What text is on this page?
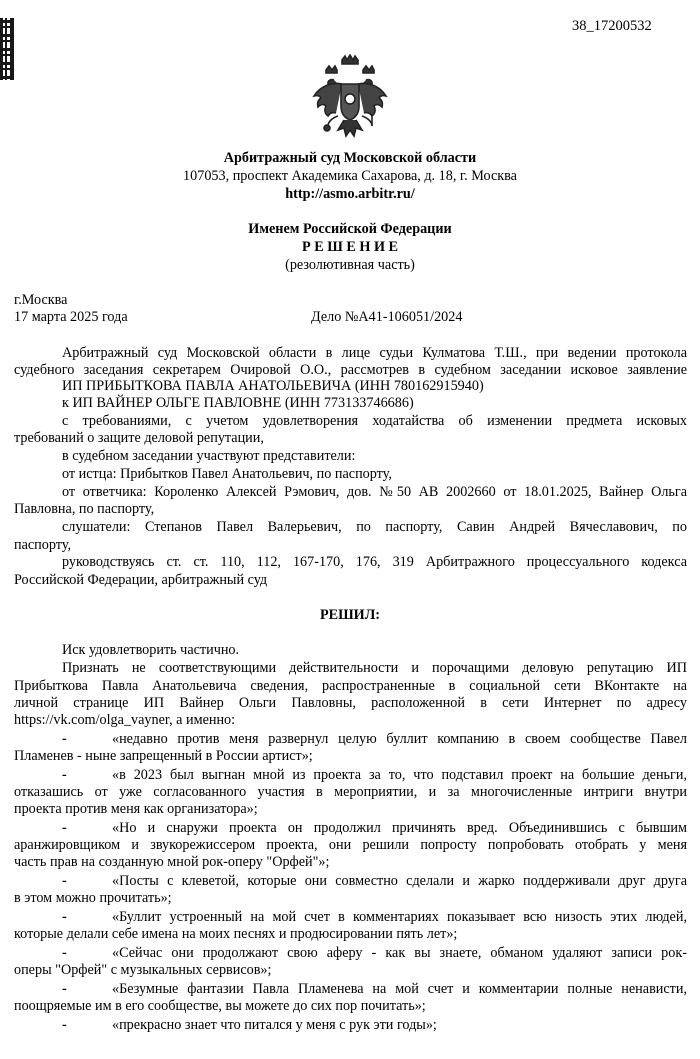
38_17200532
Арбитражный суд Московской области
107053, проспект Академика Сахарова, д. 18, г. Москва
http://asmo.arbitr.ru/
Именем Российской Федерации
Р Е Ш Е Н И Е
(резолютивная часть)
г.Москва
17 марта 2025 года	Дело №А41-106051/2024
Арбитражный суд Московской области в лице судьи Кулматова Т.Ш., при ведении протокола
судебного заседания секретарем Очировой О.О., рассмотрев в судебном заседании исковое заявление
ИП ПРИБЫТКОВА ПАВЛА АНАТОЛЬЕВИЧА (ИНН 780162915940)
к ИП ВАЙНЕР ОЛЬГЕ ПАВЛОВНЕ (ИНН 773133746686)
с требованиями, с учетом удовлетворения ходатайства об изменении предмета исковых
требований о защите деловой репутации,
в судебном заседании участвуют представители:
от истца: Прибытков Павел Анатольевич, по паспорту,
от ответчика: Короленко Алексей Рэмович, дов. №50 АВ 2002660 от 18.01.2025, Вайнер Ольга
Павловна, по паспорту,
слушатели: Степанов Павел Валерьевич, по паспорту, Савин Андрей Вячеславович, по
паспорту,
руководствуясь ст. ст. 110, 112, 167-170, 176, 319 Арбитражного процессуального кодекса
Российской Федерации, арбитражный суд
РЕШИЛ:
Иск удовлетворить частично.
Признать не соответствующими действительности и порочащими деловую репутацию ИП
Прибыткова Павла Анатольевича сведения, распространенные в социальной сети ВКонтакте на
личной странице ИП Вайнер Ольги Павловны, расположенной в сети Интернет по адресу
https://vk.com/olga_vayner, а именно:
-	«недавно против меня развернул целую буллит компанию в своем сообществе Павел
Пламенев - ныне запрещенный в России артист»;
-	«в 2023 был выгнан мной из проекта за то, что подставил проект на большие деньги,
отказашись от уже согласованного участия в мероприятии, и за многочисленные интриги внутри
проекта против меня как организатора»;
-	«Но и снаружи проекта он продолжил причинять вред. Объединившись с бывшим
аранжировщиком и звукорежиссером проекта, они решили попросту попробовать отобрать у меня
часть прав на созданную мной рок-оперу "Орфей"»;
-	«Посты с клеветой, которые они совместно сделали и жарко поддерживали друг друга
в этом можно прочитать»;
-	«Буллит устроенный на мой счет в комментариях показывает всю низость этих людей,
которые делали себе имена на моих песнях и продюсировании пять лет»;
-	«Сейчас они продолжают свою аферу - как вы знаете, обманом удаляют записи рок-
оперы "Орфей" с музыкальных сервисов»;
-	«Безумные фантазии Павла Пламенева на мой счет и комментарии полные ненависти,
поощряемые им в его сообществе, вы можете до сих пор почитать»;
-	«прекрасно знает что питался у меня с рук эти годы»;
